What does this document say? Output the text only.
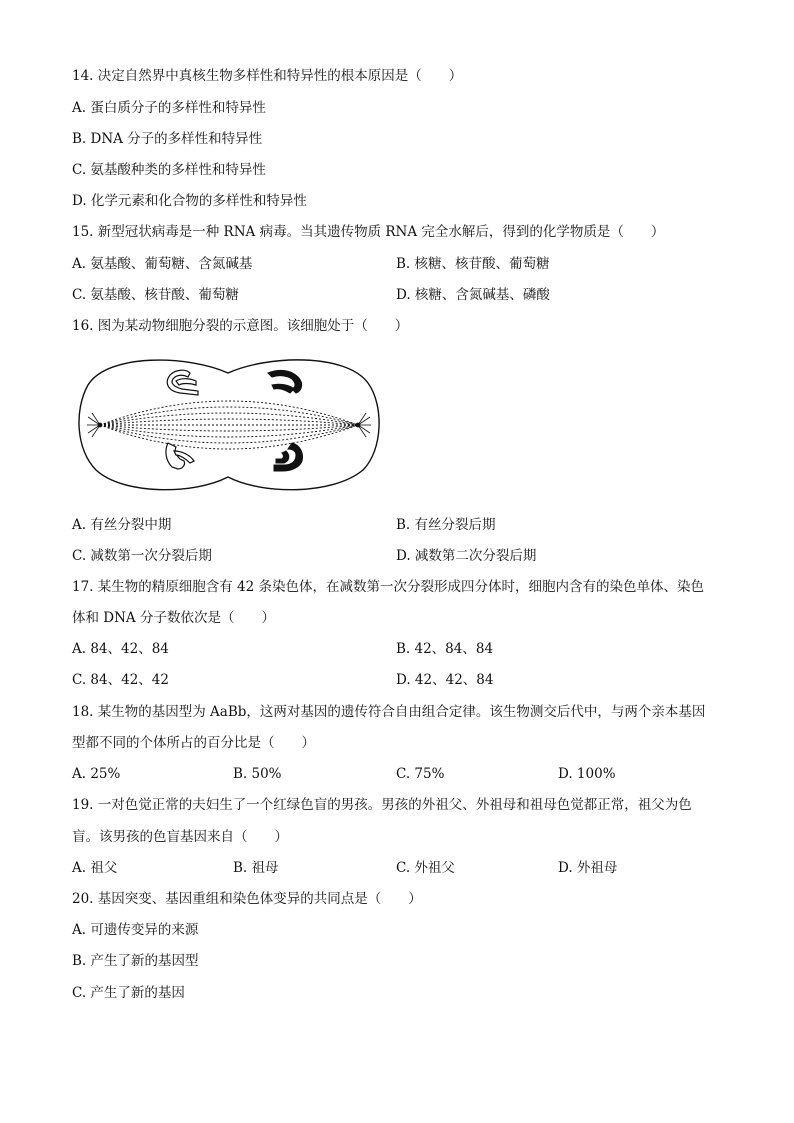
14. 决定自然界中真核生物多样性和特异性的根本原因是（　　）
A. 蛋白质分子的多样性和特异性
B. DNA 分子的多样性和特异性
C. 氨基酸种类的多样性和特异性
D. 化学元素和化合物的多样性和特异性
15. 新型冠状病毒是一种 RNA 病毒。当其遗传物质 RNA 完全水解后，得到的化学物质是（　　）
A. 氨基酸、葡萄糖、含氮碱基	B. 核糖、核苷酸、葡萄糖
C. 氨基酸、核苷酸、葡萄糖	D. 核糖、含氮碱基、磷酸
16. 图为某动物细胞分裂的示意图。该细胞处于（　　）
A. 有丝分裂中期	B. 有丝分裂后期
C. 减数第一次分裂后期	D. 减数第二次分裂后期
17. 某生物的精原细胞含有 42 条染色体，在减数第一次分裂形成四分体时，细胞内含有的染色单体、染色
体和 DNA 分子数依次是（　　）
A. 84、42、84	B. 42、84、84
C. 84、42、42	D. 42、42、84
18. 某生物的基因型为 AaBb，这两对基因的遗传符合自由组合定律。该生物测交后代中，与两个亲本基因
型都不同的个体所占的百分比是（　　）
A. 25%	B. 50%	C. 75%	D. 100%
19. 一对色觉正常的夫妇生了一个红绿色盲的男孩。男孩的外祖父、外祖母和祖母色觉都正常，祖父为色
盲。该男孩的色盲基因来自（　　）
A. 祖父	B. 祖母	C. 外祖父	D. 外祖母
20. 基因突变、基因重组和染色体变异的共同点是（　　）
A. 可遗传变异的来源
B. 产生了新的基因型
C. 产生了新的基因
